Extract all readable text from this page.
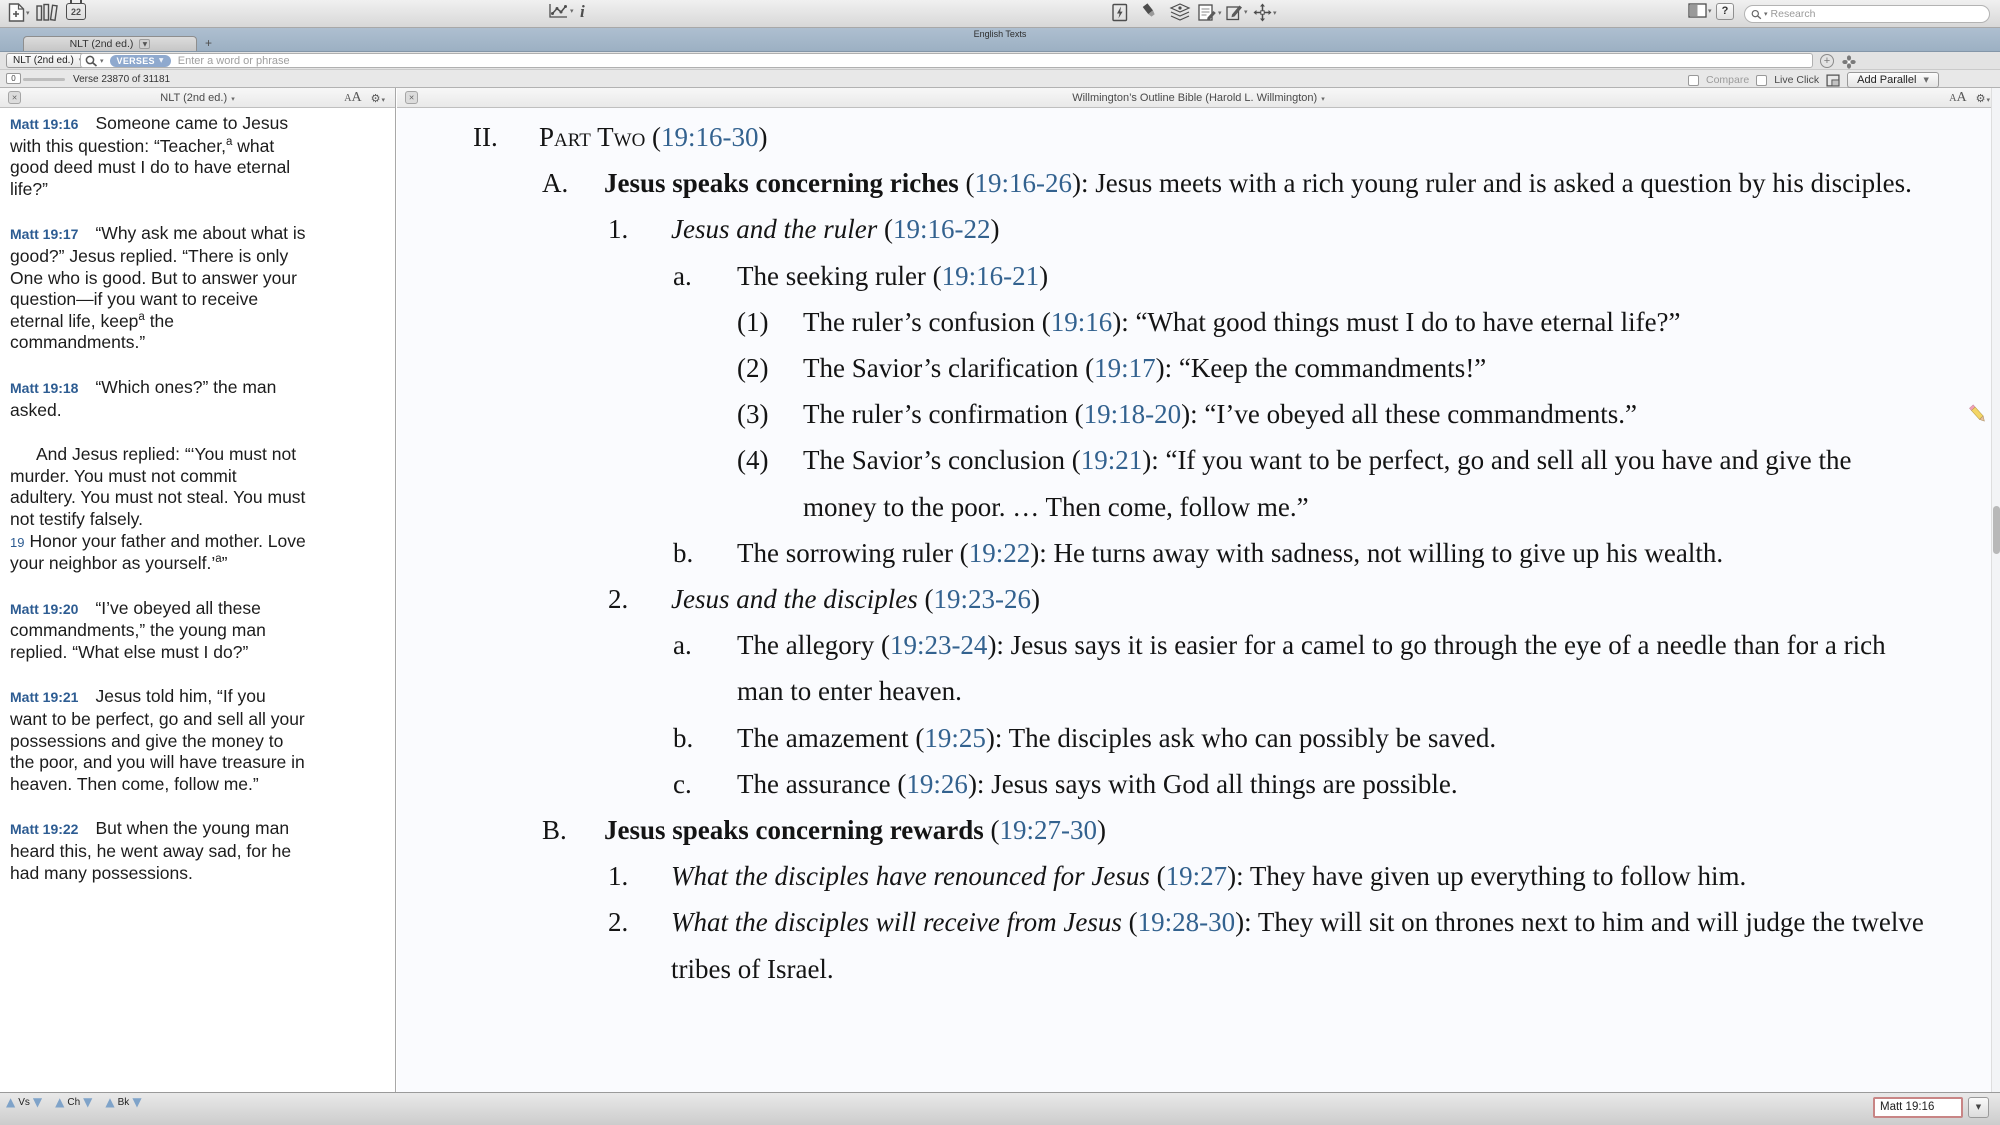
▾	22	▾ i	▾	▾	▾	▾ ?	▾ Research
English Texts
NLT (2nd ed.)	▼	+
NLT (2nd ed.)	▾ VERSES ▼ Enter a word or phrase	+
0	Verse 23870 of 31181	Compare Live Click	Add Parallel ▼
NLT (2nd ed.) ▾
✕	AA ⚙▾

Matt 19:16 Someone came to Jesus with this question: “Teacher,$^a$ what good deed must I do to have eternal life?”

Matt 19:17 “Why ask me about what is good?” Jesus replied. “There is only One who is good. But to answer your question—if you want to receive eternal life, keep$^a$ the commandments.”

Matt 19:18 “Which ones?” the man asked.

And Jesus replied: “‘You must not murder. You must not commit adultery. You must not steal. You must not testify falsely.

19 Honor your father and mother. Love your neighbor as yourself.’$^a$”

Matt 19:20 “I’ve obeyed all these commandments,” the young man replied. “What else must I do?”

Matt 19:21 Jesus told him, “If you want to be perfect, go and sell all your possessions and give the money to the poor, and you will have treasure in heaven. Then come, follow me.”

Matt 19:22 But when the young man heard this, he went away sad, for he had many possessions.

Willmington’s Outline Bible (Harold L. Willmington) ▾
✕	AA ⚙▾
II. Part Two (19:16-30)
A. Jesus speaks concerning riches (19:16-26): Jesus meets with a rich young ruler and is asked a question by his disciples.
1. Jesus and the ruler (19:16-22)
a. The seeking ruler (19:16-21)
(1) The ruler’s confusion (19:16): “What good things must I do to have eternal life?”
(2) The Savior’s clarification (19:17): “Keep the commandments!”
(3) The ruler’s confirmation (19:18-20): “I’ve obeyed all these commandments.”
(4) The Savior’s conclusion (19:21): “If you want to be perfect, go and sell all you have and give the money to the poor. … Then come, follow me.”
b. The sorrowing ruler (19:22): He turns away with sadness, not willing to give up his wealth.
2. Jesus and the disciples (19:23-26)
a. The allegory (19:23-24): Jesus says it is easier for a camel to go through the eye of a needle than for a rich man to enter heaven.
b. The amazement (19:25): The disciples ask who can possibly be saved.
c. The assurance (19:26): Jesus says with God all things are possible.
B. Jesus speaks concerning rewards (19:27-30)
1. What the disciples have renounced for Jesus (19:27): They have given up everything to follow him.
2. What the disciples will receive from Jesus (19:28-30): They will sit on thrones next to him and will judge the twelve tribes of Israel.
▲ Vs ▼ ▲ Ch ▼ ▲ Bk ▼	Matt 19:16	▼
